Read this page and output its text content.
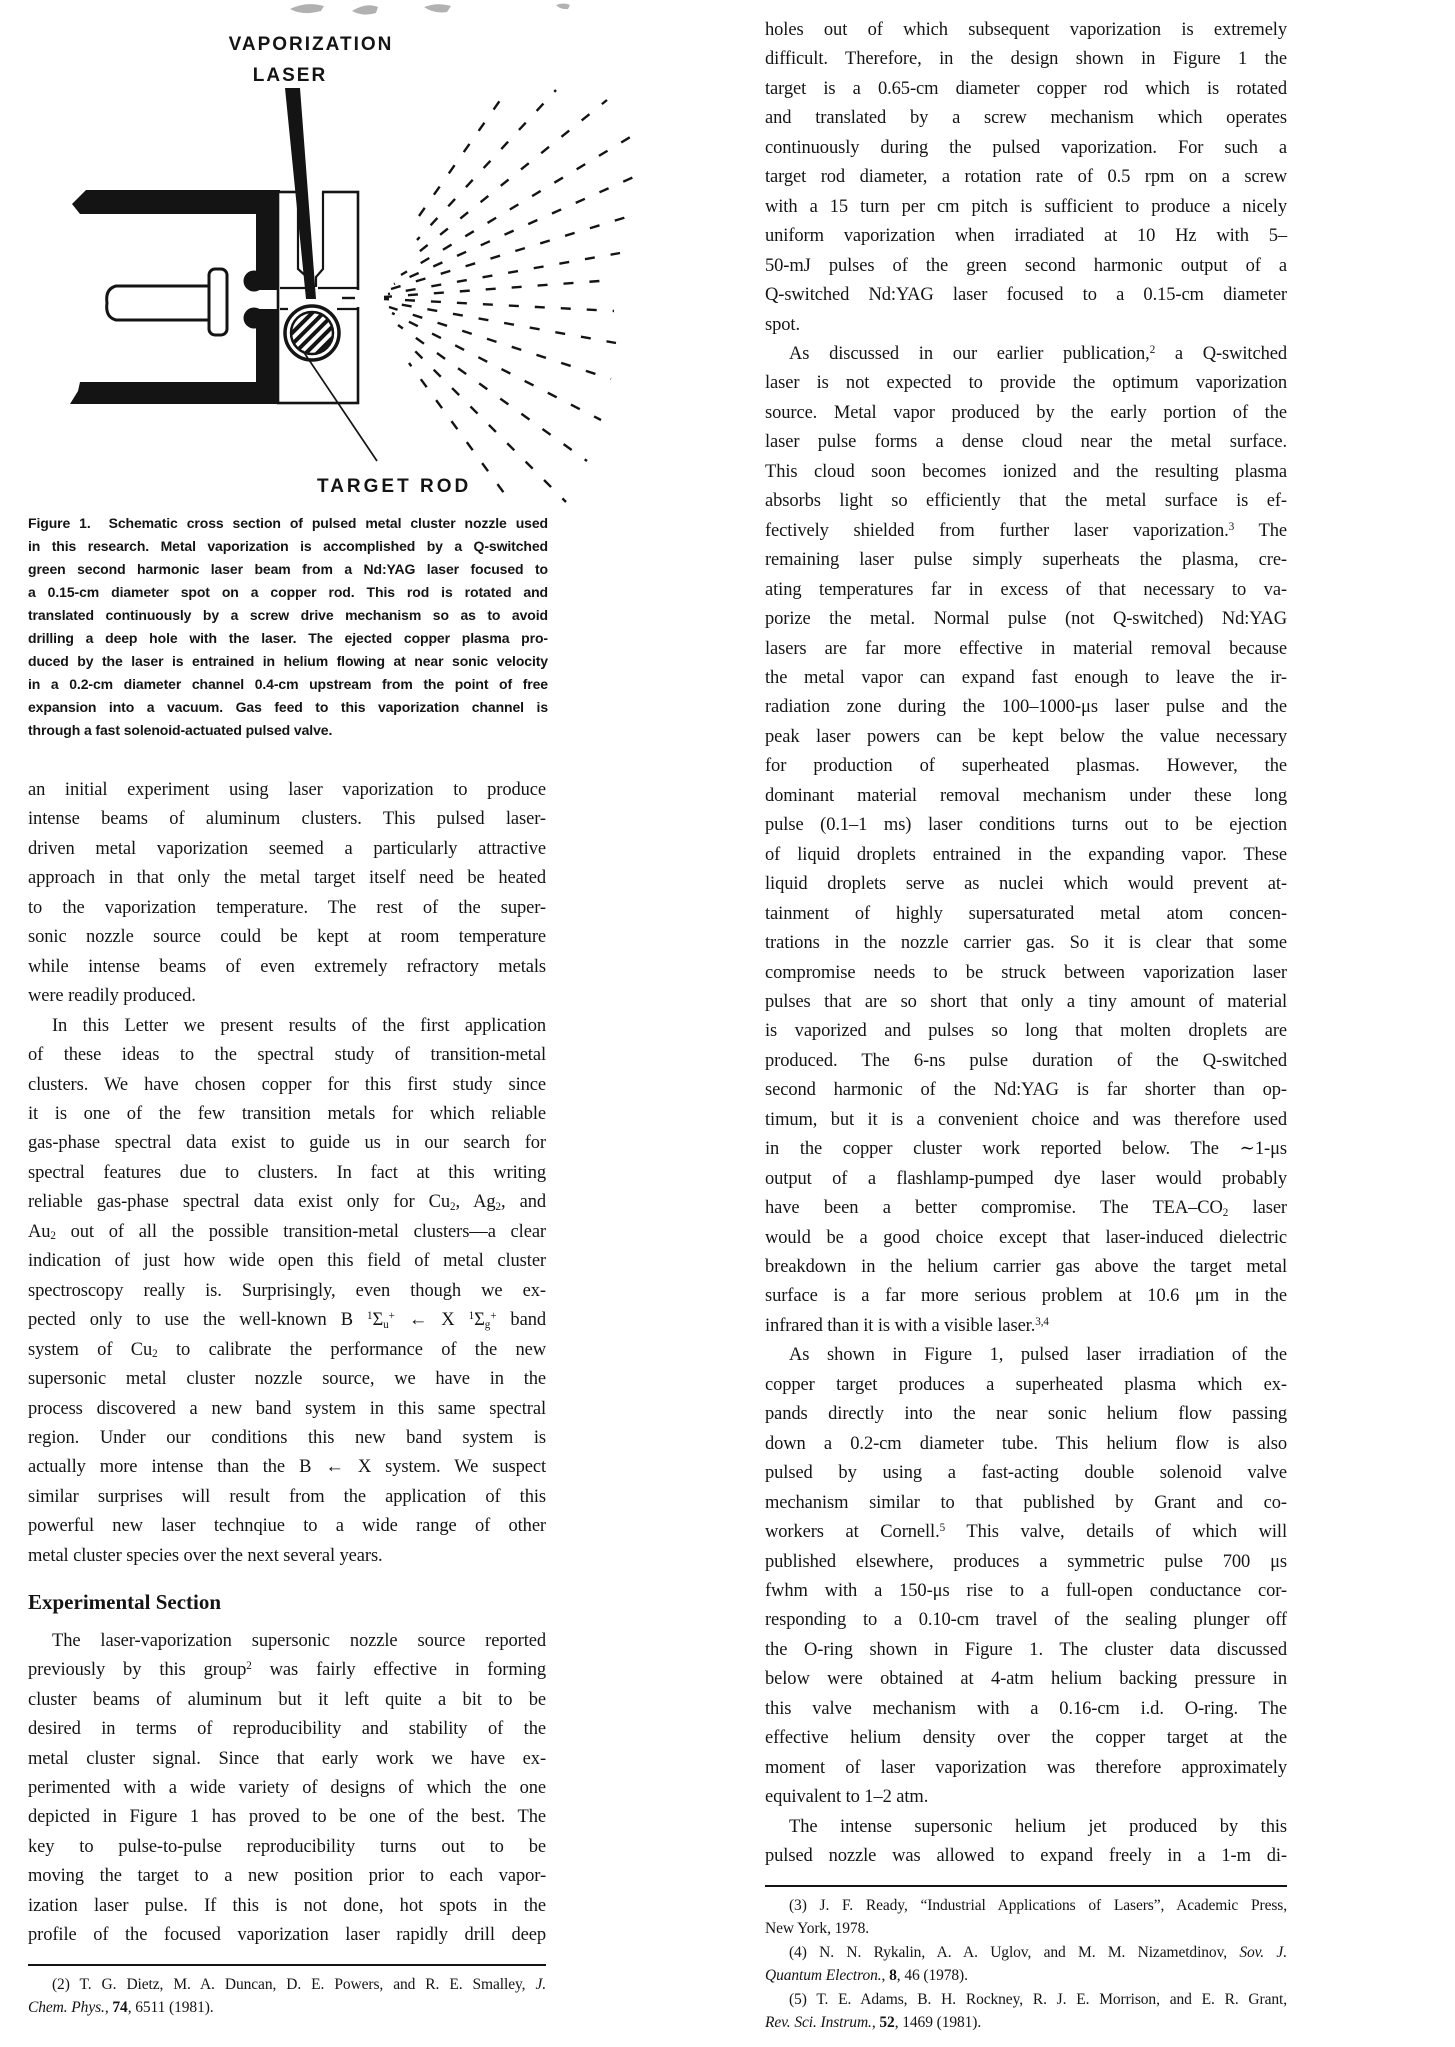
VAPORIZATION
LASER
TARGET ROD
Figure 1.  Schematic cross section of pulsed metal cluster nozzle used
in this research. Metal vaporization is accomplished by a Q-switched
green second harmonic laser beam from a Nd:YAG laser focused to
a 0.15-cm diameter spot on a copper rod. This rod is rotated and
translated continuously by a screw drive mechanism so as to avoid
drilling a deep hole with the laser. The ejected copper plasma pro-
duced by the laser is entrained in helium flowing at near sonic velocity
in a 0.2-cm diameter channel 0.4-cm upstream from the point of free
expansion into a vacuum. Gas feed to this vaporization channel is
through a fast solenoid-actuated pulsed valve.
an initial experiment using laser vaporization to produce
intense beams of aluminum clusters. This pulsed laser-
driven metal vaporization seemed a particularly attractive
approach in that only the metal target itself need be heated
to the vaporization temperature. The rest of the super-
sonic nozzle source could be kept at room temperature
while intense beams of even extremely refractory metals
were readily produced.
In this Letter we present results of the first application
of these ideas to the spectral study of transition-metal
clusters. We have chosen copper for this first study since
it is one of the few transition metals for which reliable
gas-phase spectral data exist to guide us in our search for
spectral features due to clusters. In fact at this writing
reliable gas-phase spectral data exist only for $Cu_2$, $Ag_2$, and
$Au_2$ out of all the possible transition-metal clusters—a clear
indication of just how wide open this field of metal cluster
spectroscopy really is. Surprisingly, even though we ex-
pected only to use the well-known B $^1\Sigma_u^+$ ← X $^1\Sigma_g^+$ band
system of $Cu_2$ to calibrate the performance of the new
supersonic metal cluster nozzle source, we have in the
process discovered a new band system in this same spectral
region. Under our conditions this new band system is
actually more intense than the B ← X system. We suspect
similar surprises will result from the application of this
powerful new laser technqiue to a wide range of other
metal cluster species over the next several years.
Experimental Section
The laser-vaporization supersonic nozzle source reported
previously by this group$^2$ was fairly effective in forming
cluster beams of aluminum but it left quite a bit to be
desired in terms of reproducibility and stability of the
metal cluster signal. Since that early work we have ex-
perimented with a wide variety of designs of which the one
depicted in Figure 1 has proved to be one of the best. The
key to pulse-to-pulse reproducibility turns out to be
moving the target to a new position prior to each vapor-
ization laser pulse. If this is not done, hot spots in the
profile of the focused vaporization laser rapidly drill deep
(2) T. G. Dietz, M. A. Duncan, D. E. Powers, and R. E. Smalley, J.
Chem. Phys., 74, 6511 (1981).
holes out of which subsequent vaporization is extremely
difficult. Therefore, in the design shown in Figure 1 the
target is a 0.65-cm diameter copper rod which is rotated
and translated by a screw mechanism which operates
continuously during the pulsed vaporization. For such a
target rod diameter, a rotation rate of 0.5 rpm on a screw
with a 15 turn per cm pitch is sufficient to produce a nicely
uniform vaporization when irradiated at 10 Hz with 5–
50-mJ pulses of the green second harmonic output of a
Q-switched Nd:YAG laser focused to a 0.15-cm diameter
spot.
As discussed in our earlier publication,$^2$ a Q-switched
laser is not expected to provide the optimum vaporization
source. Metal vapor produced by the early portion of the
laser pulse forms a dense cloud near the metal surface.
This cloud soon becomes ionized and the resulting plasma
absorbs light so efficiently that the metal surface is ef-
fectively shielded from further laser vaporization.$^3$ The
remaining laser pulse simply superheats the plasma, cre-
ating temperatures far in excess of that necessary to va-
porize the metal. Normal pulse (not Q-switched) Nd:YAG
lasers are far more effective in material removal because
the metal vapor can expand fast enough to leave the ir-
radiation zone during the 100–1000-μs laser pulse and the
peak laser powers can be kept below the value necessary
for production of superheated plasmas. However, the
dominant material removal mechanism under these long
pulse (0.1–1 ms) laser conditions turns out to be ejection
of liquid droplets entrained in the expanding vapor. These
liquid droplets serve as nuclei which would prevent at-
tainment of highly supersaturated metal atom concen-
trations in the nozzle carrier gas. So it is clear that some
compromise needs to be struck between vaporization laser
pulses that are so short that only a tiny amount of material
is vaporized and pulses so long that molten droplets are
produced. The 6-ns pulse duration of the Q-switched
second harmonic of the Nd:YAG is far shorter than op-
timum, but it is a convenient choice and was therefore used
in the copper cluster work reported below. The ∼1-μs
output of a flashlamp-pumped dye laser would probably
have been a better compromise. The TEA–$CO_2$ laser
would be a good choice except that laser-induced dielectric
breakdown in the helium carrier gas above the target metal
surface is a far more serious problem at 10.6 μm in the
infrared than it is with a visible laser.$^{3,4}$
As shown in Figure 1, pulsed laser irradiation of the
copper target produces a superheated plasma which ex-
pands directly into the near sonic helium flow passing
down a 0.2-cm diameter tube. This helium flow is also
pulsed by using a fast-acting double solenoid valve
mechanism similar to that published by Grant and co-
workers at Cornell.$^5$ This valve, details of which will
published elsewhere, produces a symmetric pulse 700 μs
fwhm with a 150-μs rise to a full-open conductance cor-
responding to a 0.10-cm travel of the sealing plunger off
the O-ring shown in Figure 1. The cluster data discussed
below were obtained at 4-atm helium backing pressure in
this valve mechanism with a 0.16-cm i.d. O-ring. The
effective helium density over the copper target at the
moment of laser vaporization was therefore approximately
equivalent to 1–2 atm.
The intense supersonic helium jet produced by this
pulsed nozzle was allowed to expand freely in a 1-m di-
(3) J. F. Ready, “Industrial Applications of Lasers”, Academic Press,
New York, 1978.
(4) N. N. Rykalin, A. A. Uglov, and M. M. Nizametdinov, Sov. J.
Quantum Electron., 8, 46 (1978).
(5) T. E. Adams, B. H. Rockney, R. J. E. Morrison, and E. R. Grant,
Rev. Sci. Instrum., 52, 1469 (1981).
